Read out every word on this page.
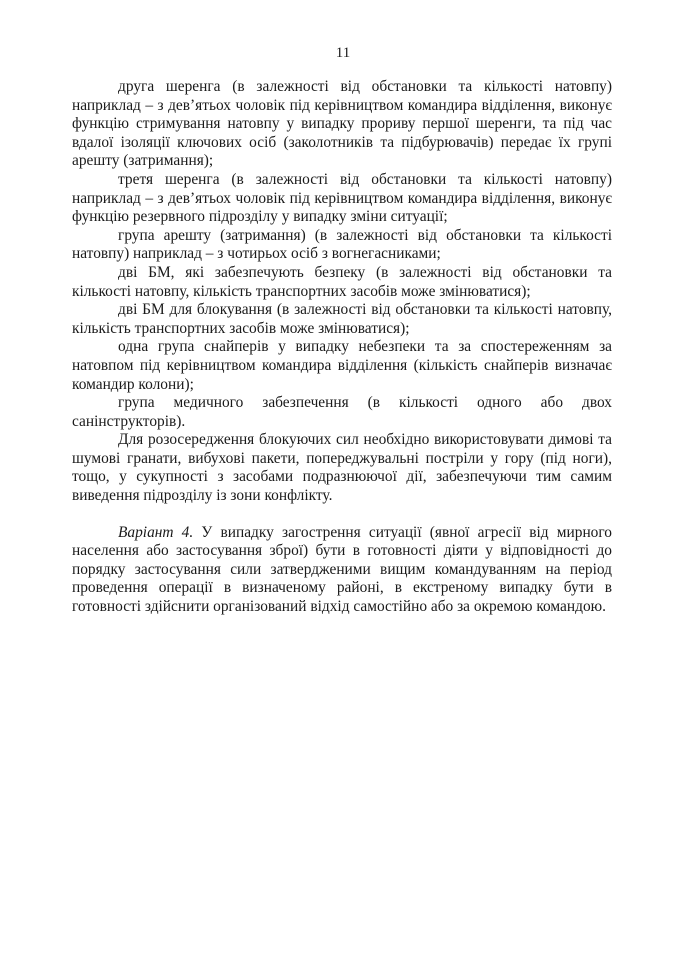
11

друга шеренга (в залежності від обстановки та кількості натовпу) наприклад – з дев’ятьох чоловік під керівництвом командира відділення, виконує функцію стримування натовпу у випадку прориву першої шеренги, та під час вдалої ізоляції ключових осіб (заколотників та підбурювачів) передає їх групі арешту (затримання);

третя шеренга (в залежності від обстановки та кількості натовпу) наприклад – з дев’ятьох чоловік під керівництвом командира відділення, виконує функцію резервного підрозділу у випадку зміни ситуації;

група арешту (затримання) (в залежності від обстановки та кількості натовпу) наприклад – з чотирьох осіб з вогнегасниками;

дві БМ, які забезпечують безпеку (в залежності від обстановки та кількості натовпу, кількість транспортних засобів може змінюватися);

дві БМ для блокування (в залежності від обстановки та кількості натовпу, кількість транспортних засобів може змінюватися);

одна група снайперів у випадку небезпеки та за спостереженням за натовпом під керівництвом командира відділення (кількість снайперів визначає командир колони);

група медичного забезпечення (в кількості одного або двох санінструкторів).

Для розосередження блокуючих сил необхідно використовувати димові та шумові гранати, вибухові пакети, попереджувальні постріли у гору (під ноги), тощо, у сукупності з засобами подразнюючої дії, забезпечуючи тим самим виведення підрозділу із зони конфлікту.

Варіант 4. У випадку загострення ситуації (явної агресії від мирного населення або застосування зброї) бути в готовності діяти у відповідності до порядку застосування сили затвердженими вищим командуванням на період проведення операції в визначеному районі, в екстреному випадку бути в готовності здійснити організований відхід самостійно або за окремою командою.
